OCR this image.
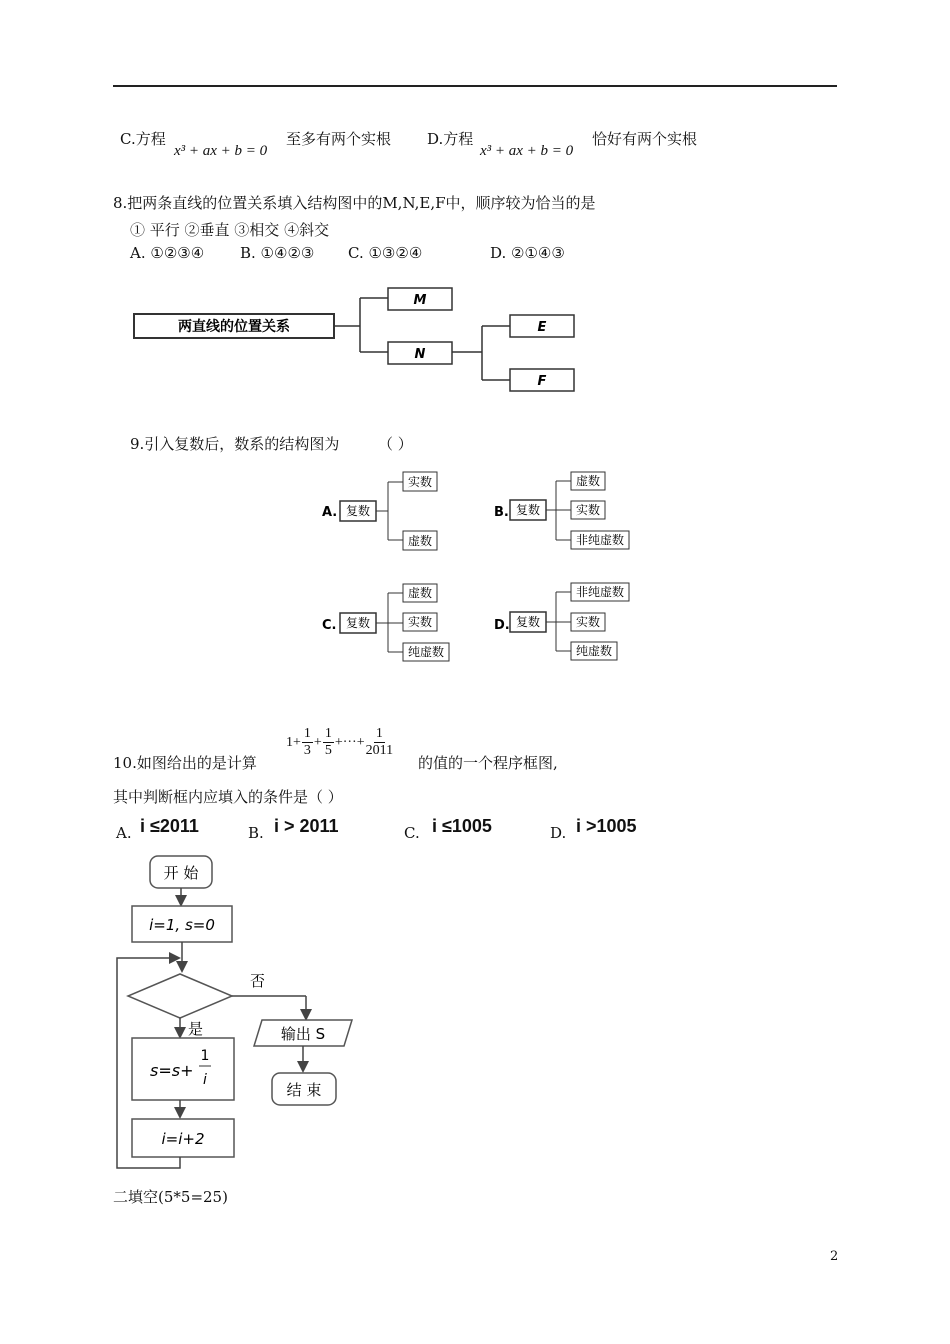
C.方程
x³ + ax + b = 0
至多有两个实根 D.方程
x³ + ax + b = 0
恰好有两个实根
8.把两条直线的位置关系填入结构图中的M,N,E,F中，顺序较为恰当的是
① 平行 ②垂直 ③相交 ④斜交
A. ①②③④ B. ①④②③ C. ①③②④	D. ②①④③
两直线的位置关系
M
N
E
F
9.引入复数后，数系的结构图为	（ ）
A. 复数
实数
虚数
B. 复数
虚数
实数
非纯虚数
C. 复数
虚数
实数
纯虚数
D. 复数
非纯虚数
实数
纯虚数
10.如图给出的是计算
$1 + \frac{1}{3} + \frac{1}{5}$ + ··· + $\frac{1}{2011}$
的值的一个程序框图,
其中判断框内应填入的条件是（ ）
A. i ≤2011	B. i > 2011	C. i ≤1005	D. i >1005
开 始
i=1, s=0
否
输出 S
结 束
是
s=s+
1
i
i=i+2
二填空(5*5=25)
2
